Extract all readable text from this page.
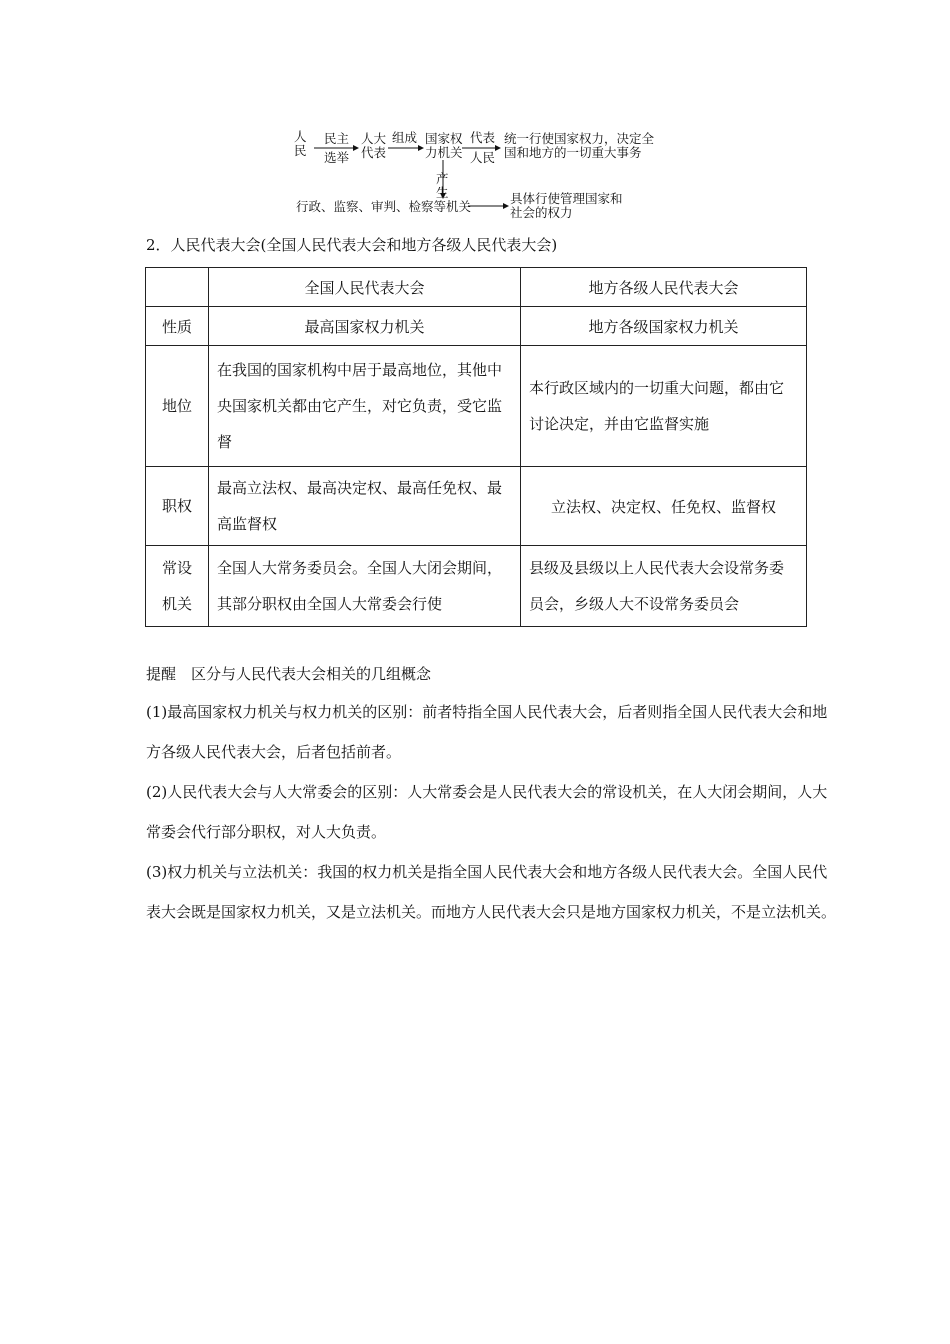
人民
民主
选举
人大代表
组成 国家权力机关
代表
人民
统一行使国家权力，决定全国和地方的一切重大事务
产生
行政、监察、审判、检察等机关
具体行使管理国家和社会的权力
2．人民代表大会(全国人民代表大会和地方各级人民代表大会)
	全国人民代表大会	地方各级人民代表大会
性质	最高国家权力机关	地方各级国家权力机关
地位	在我国的国家机构中居于最高地位，其他中央国家机关都由它产生，对它负责，受它监督	本行政区域内的一切重大问题，都由它讨论决定，并由它监督实施
职权	最高立法权、最高决定权、最高任免权、最高监督权	立法权、决定权、任免权、监督权
常设机关	全国人大常务委员会。全国人大闭会期间，其部分职权由全国人大常委会行使	县级及县级以上人民代表大会设常务委员会，乡级人大不设常务委员会

提醒　区分与人民代表大会相关的几组概念

(1)最高国家权力机关与权力机关的区别：前者特指全国人民代表大会，后者则指全国人民代表大会和地方各级人民代表大会，后者包括前者。

(2)人民代表大会与人大常委会的区别：人大常委会是人民代表大会的常设机关，在人大闭会期间，人大常委会代行部分职权，对人大负责。

(3)权力机关与立法机关：我国的权力机关是指全国人民代表大会和地方各级人民代表大会。全国人民代表大会既是国家权力机关，又是立法机关。而地方人民代表大会只是地方国家权力机关，不是立法机关。
